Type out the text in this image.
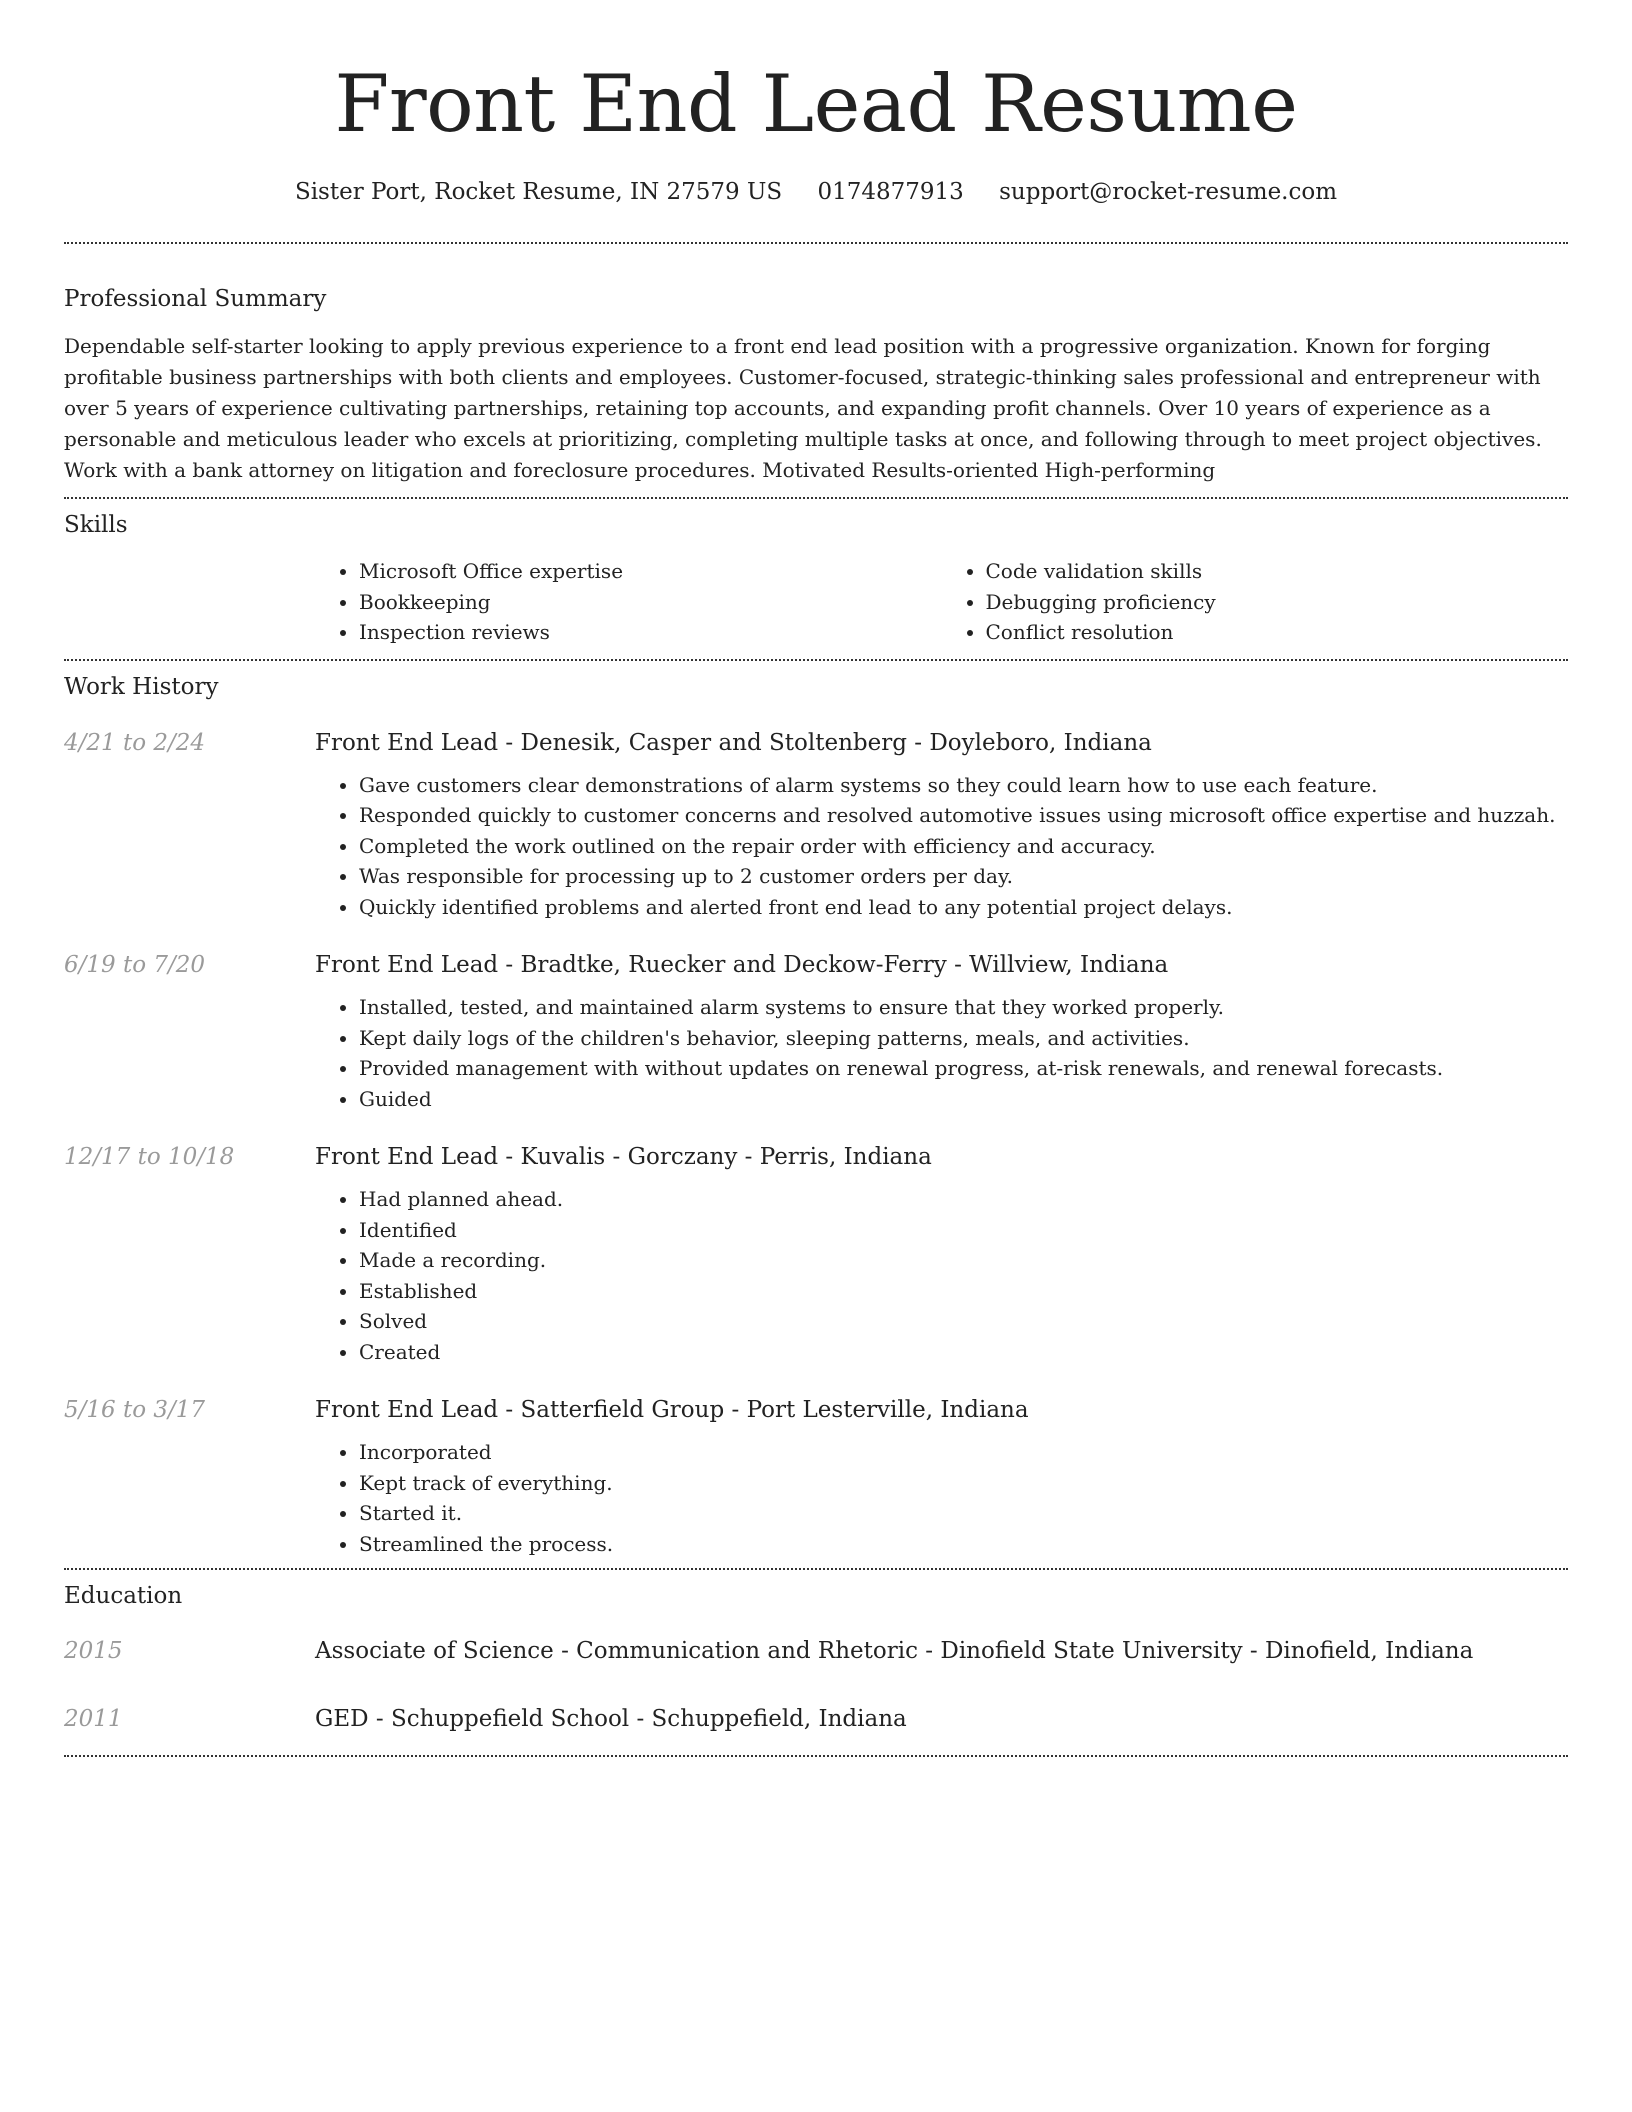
Front End Lead Resume
Sister Port, Rocket Resume, IN 27579 US 0174877913 support@rocket-resume.com
Professional Summary

Dependable self-starter looking to apply previous experience to a front end lead position with a progressive organization. Known for forging profitable business partnerships with both clients and employees. Customer-focused, strategic-thinking sales professional and entrepreneur with over 5 years of experience cultivating partnerships, retaining top accounts, and expanding profit channels. Over 10 years of experience as a personable and meticulous leader who excels at prioritizing, completing multiple tasks at once, and following through to meet project objectives. Work with a bank attorney on litigation and foreclosure procedures. Motivated Results-oriented High-performing

Skills
• Microsoft Office expertise
• Bookkeeping
• Inspection reviews
• Code validation skills
• Debugging proficiency
• Conflict resolution
Work History
4/21 to 2/24	Front End Lead - Denesik, Casper and Stoltenberg - Doyleboro, Indiana
• Gave customers clear demonstrations of alarm systems so they could learn how to use each feature.
• Responded quickly to customer concerns and resolved automotive issues using microsoft office expertise and huzzah.
• Completed the work outlined on the repair order with efficiency and accuracy.
• Was responsible for processing up to 2 customer orders per day.
• Quickly identified problems and alerted front end lead to any potential project delays.
6/19 to 7/20	Front End Lead - Bradtke, Ruecker and Deckow-Ferry - Willview, Indiana
• Installed, tested, and maintained alarm systems to ensure that they worked properly.
• Kept daily logs of the children's behavior, sleeping patterns, meals, and activities.
• Provided management with without updates on renewal progress, at-risk renewals, and renewal forecasts.
• Guided
12/17 to 10/18	Front End Lead - Kuvalis - Gorczany - Perris, Indiana
• Had planned ahead.
• Identified
• Made a recording.
• Established
• Solved
• Created
5/16 to 3/17	Front End Lead - Satterfield Group - Port Lesterville, Indiana
• Incorporated
• Kept track of everything.
• Started it.
• Streamlined the process.
Education
2015	Associate of Science - Communication and Rhetoric - Dinofield State University - Dinofield, Indiana
2011	GED - Schuppefield School - Schuppefield, Indiana
